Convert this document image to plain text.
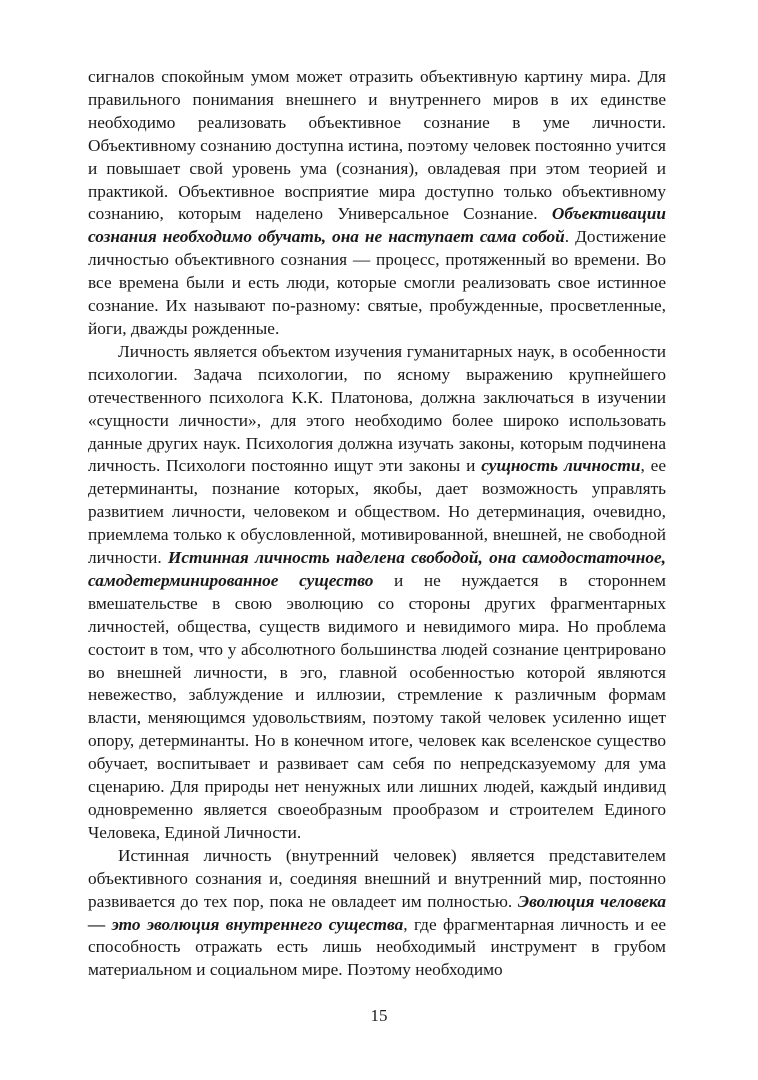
сигналов спокойным умом может отразить объективную картину мира. Для правильного понимания внешнего и внутреннего миров в их единстве необходимо реализовать объективное сознание в уме личности. Объективному сознанию доступна истина, поэтому человек постоянно учится и повышает свой уровень ума (сознания), овладевая при этом теорией и практикой. Объективное восприятие мира доступно только объективному сознанию, которым наделено Универсальное Сознание. Объективации сознания необходимо обучать, она не наступает сама собой. Достижение личностью объективного сознания — процесс, протяженный во времени. Во все времена были и есть люди, которые смогли реализовать свое истинное сознание. Их называют по-разному: святые, пробужденные, просветленные, йоги, дважды рожденные.

Личность является объектом изучения гуманитарных наук, в особенности психологии. Задача психологии, по ясному выражению крупнейшего отечественного психолога К.К. Платонова, должна заключаться в изучении «сущности личности», для этого необходимо более широко использовать данные других наук. Психология должна изучать законы, которым подчинена личность. Психологи постоянно ищут эти законы и сущность личности, ее детерминанты, познание которых, якобы, дает возможность управлять развитием личности, человеком и обществом. Но детерминация, очевидно, приемлема только к обусловленной, мотивированной, внешней, не свободной личности. Истинная личность наделена свободой, она самодостаточное, самодетерминированное существо и не нуждается в стороннем вмешательстве в свою эволюцию со стороны других фрагментарных личностей, общества, существ видимого и невидимого мира. Но проблема состоит в том, что у абсолютного большинства людей сознание центрировано во внешней личности, в эго, главной особенностью которой являются невежество, заблуждение и иллюзии, стремление к различным формам власти, меняющимся удовольствиям, поэтому такой человек усиленно ищет опору, детерминанты. Но в конечном итоге, человек как вселенское существо обучает, воспитывает и развивает сам себя по непредсказуемому для ума сценарию. Для природы нет ненужных или лишних людей, каждый индивид одновременно является своеобразным прообразом и строителем Единого Человека, Единой Личности.

Истинная личность (внутренний человек) является представителем объективного сознания и, соединяя внешний и внутренний мир, постоянно развивается до тех пор, пока не овладеет им полностью. Эволюция человека — это эволюция внутреннего существа, где фрагментарная личность и ее способность отражать есть лишь необходимый инструмент в грубом материальном и социальном мире. Поэтому необходимо

15
